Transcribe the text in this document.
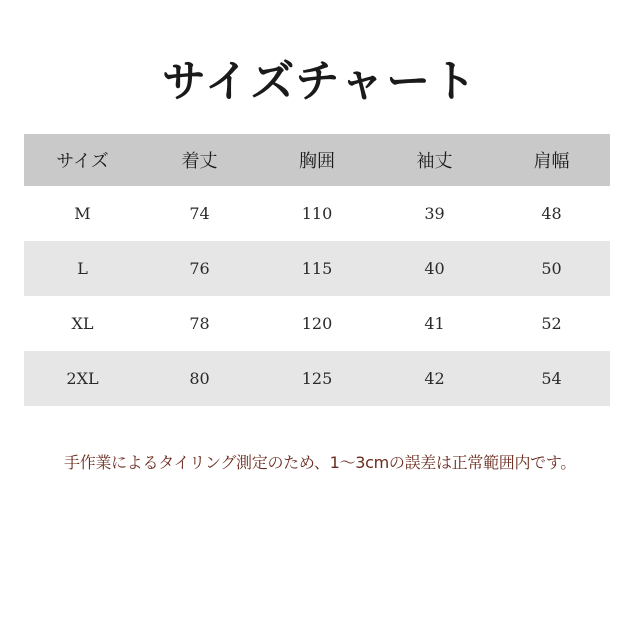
サイズチャート
サイズ	着丈	胸囲	袖丈	肩幅
M	74	110	39	48
L	76	115	40	50
XL	78	120	41	52
2XL	80	125	42	54
手作業によるタイリング測定のため、1～3cmの誤差は正常範囲内です。
